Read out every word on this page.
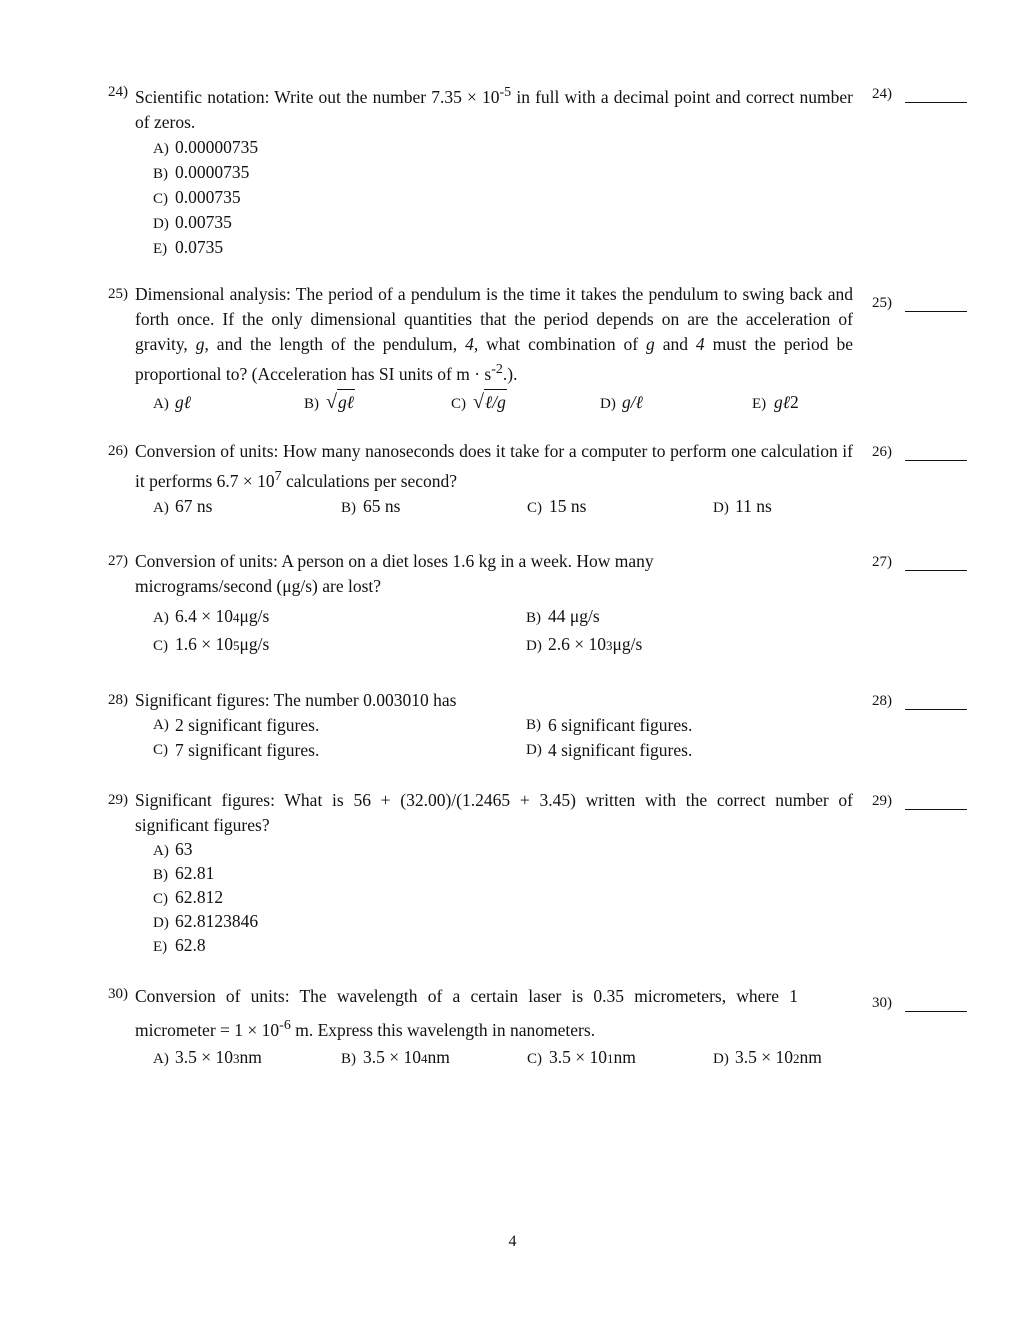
24) Scientific notation: Write out the number $7.35 \times 10^{-5}$ in full with a decimal point and correct number of zeros.
A) 0.00000735
B) 0.0000735
C) 0.000735
D) 0.00735
E) 0.0735
24)
25) Dimensional analysis: The period of a pendulum is the time it takes the pendulum to swing back and forth once. If the only dimensional quantities that the period depends on are the acceleration of gravity, g, and the length of the pendulum, 4, what combination of g and 4 must the period be proportional to? (Acceleration has SI units of $m \cdot s^{-2}$.).
A) gℓ	B) √ gℓ	C) √ ℓ/g	D) g/ℓ	E) gℓ 2
25)
26) Conversion of units: How many nanoseconds does it take for a computer to perform one calculation if it performs $6.7 \times 10^7$ calculations per second?
A) 67 ns	B) 65 ns	C) 15 ns	D) 11 ns
26)
27) Conversion of units: A person on a diet loses 1.6 kg in a week. How many micrograms/second (μg/s) are lost?
A) 6.4 × 10 4 μg/s	B) 44 μg/s
C) 1.6 × 10 5 μg/s	D) 2.6 × 10 3 μg/s
27)
28) Significant figures: The number 0.003010 has
A) 2 significant figures.	B) 6 significant figures.
C) 7 significant figures.	D) 4 significant figures.
28)
29) Significant figures: What is 56 + (32.00)/(1.2465 + 3.45) written with the correct number of significant figures?
A) 63
B) 62.81
C) 62.812
D) 62.8123846
E) 62.8
29)
30) Conversion of units: The wavelength of a certain laser is 0.35 micrometers, where 1 micrometer = $1 \times 10^{-6}$ m. Express this wavelength in nanometers.
A) 3.5 × 10 3 nm	B) 3.5 × 10 4 nm	C) 3.5 × 10 1 nm	D) 3.5 × 10 2 nm
30)
4
